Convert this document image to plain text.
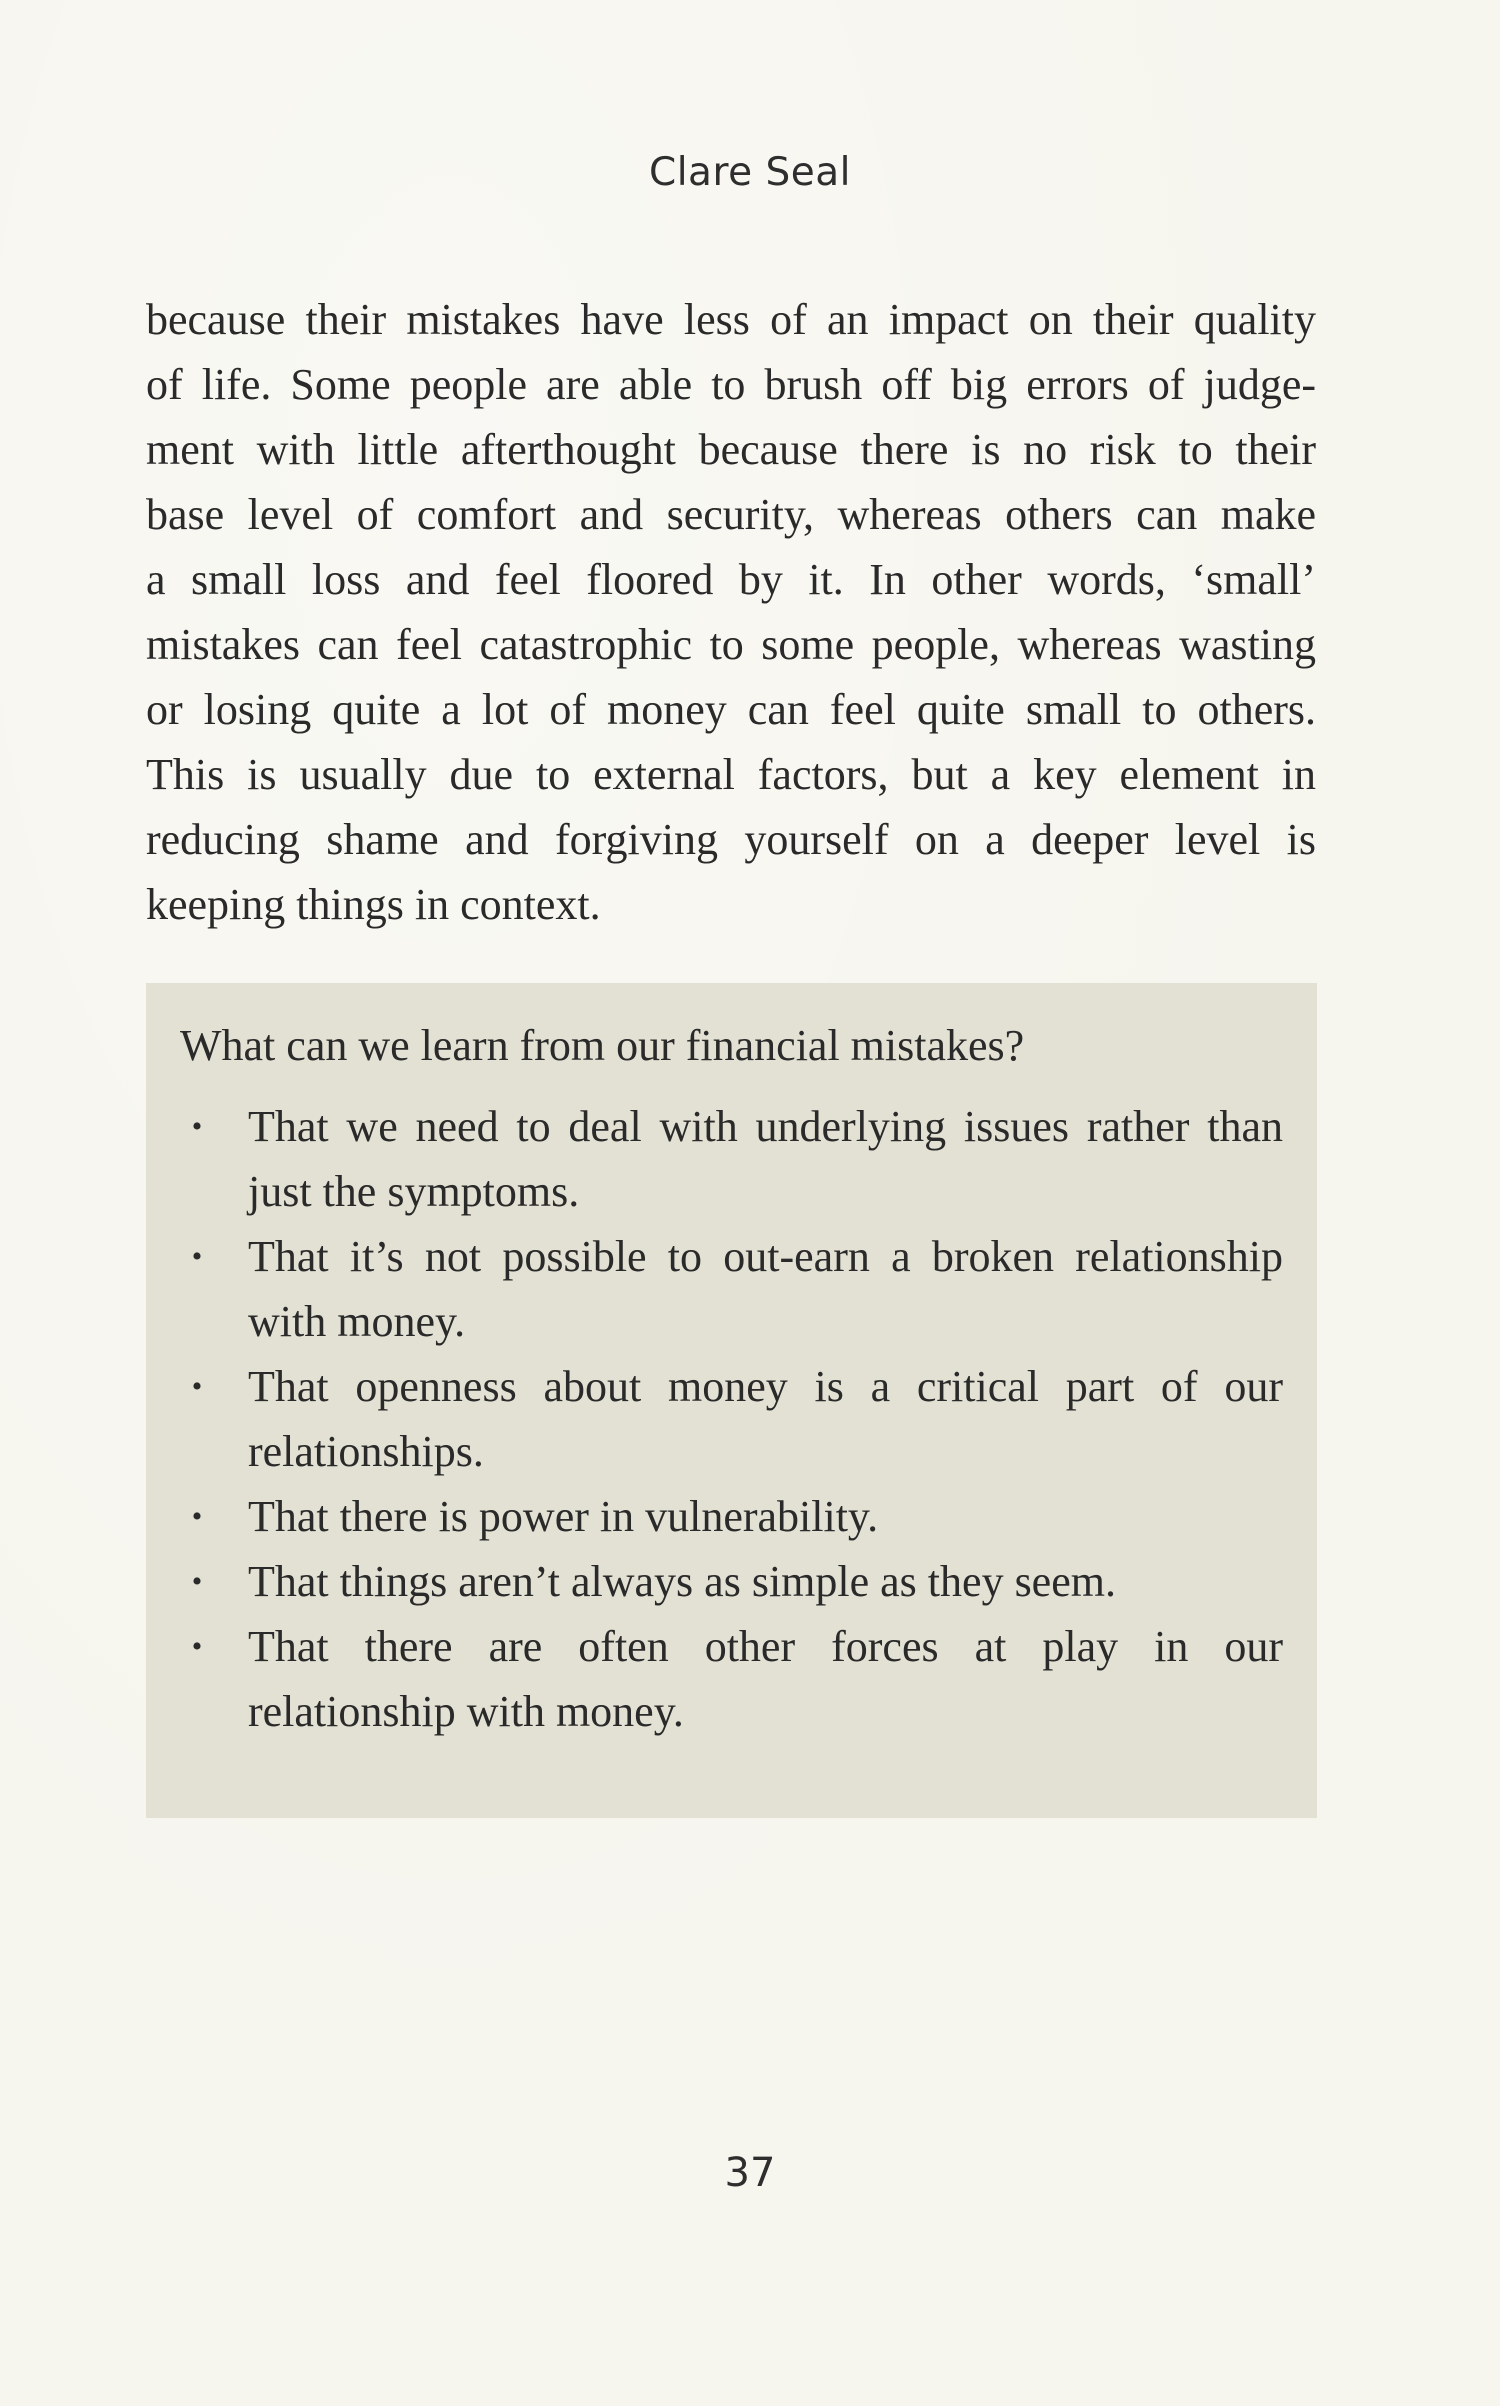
Clare Seal
because their mistakes have less of an impact on their quality
of life. Some people are able to brush off big errors of judge-
ment with little afterthought because there is no risk to their
base level of comfort and security, whereas others can make
a small loss and feel floored by it. In other words, ‘small’
mistakes can feel catastrophic to some people, whereas wasting
or losing quite a lot of money can feel quite small to others.
This is usually due to external factors, but a key element in
reducing shame and forgiving yourself on a deeper level is
keeping things in context.
What can we learn from our financial mistakes?
• That we need to deal with underlying issues rather than
just the symptoms.
• That it’s not possible to out-earn a broken relationship
with money.
• That openness about money is a critical part of our
relationships.
• That there is power in vulnerability.
• That things aren’t always as simple as they seem.
• That there are often other forces at play in our
relationship with money.
37
